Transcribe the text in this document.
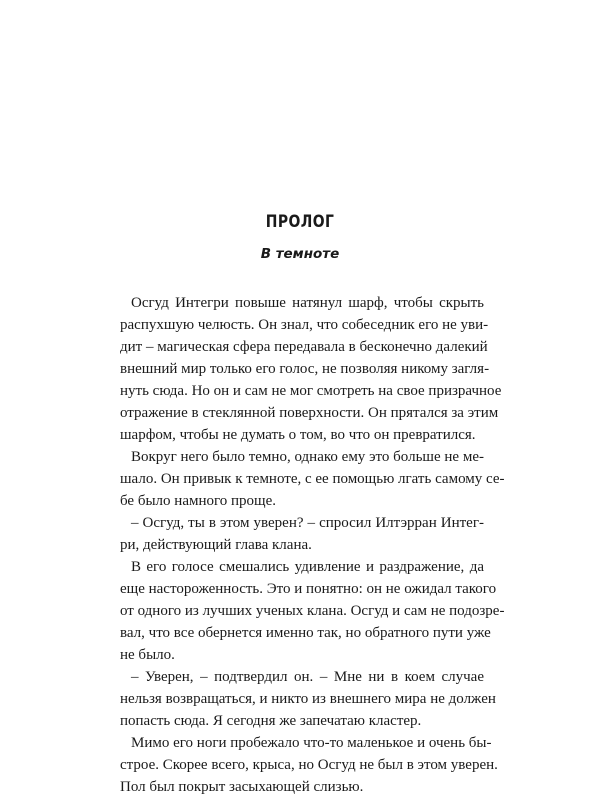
ПРОЛОГ
В темноте
Осгуд Интегри повыше натянул шарф, чтобы скрыть
распухшую челюсть. Он знал, что собеседник его не уви-
дит – магическая сфера передавала в бесконечно далекий
внешний мир только его голос, не позволяя никому загля-
нуть сюда. Но он и сам не мог смотреть на свое призрачное
отражение в стеклянной поверхности. Он прятался за этим
шарфом, чтобы не думать о том, во что он превратился.
Вокруг него было темно, однако ему это больше не ме-
шало. Он привык к темноте, с ее помощью лгать самому се-
бе было намного проще.
– Осгуд, ты в этом уверен? – спросил Илтэрран Интег-
ри, действующий глава клана.
В его голосе смешались удивление и раздражение, да
еще настороженность. Это и понятно: он не ожидал такого
от одного из лучших ученых клана. Осгуд и сам не подозре-
вал, что все обернется именно так, но обратного пути уже
не было.
– Уверен, – подтвердил он. – Мне ни в коем случае
нельзя возвращаться, и никто из внешнего мира не должен
попасть сюда. Я сегодня же запечатаю кластер.
Мимо его ноги пробежало что-то маленькое и очень бы-
строе. Скорее всего, крыса, но Осгуд не был в этом уверен.
Пол был покрыт засыхающей слизью.
